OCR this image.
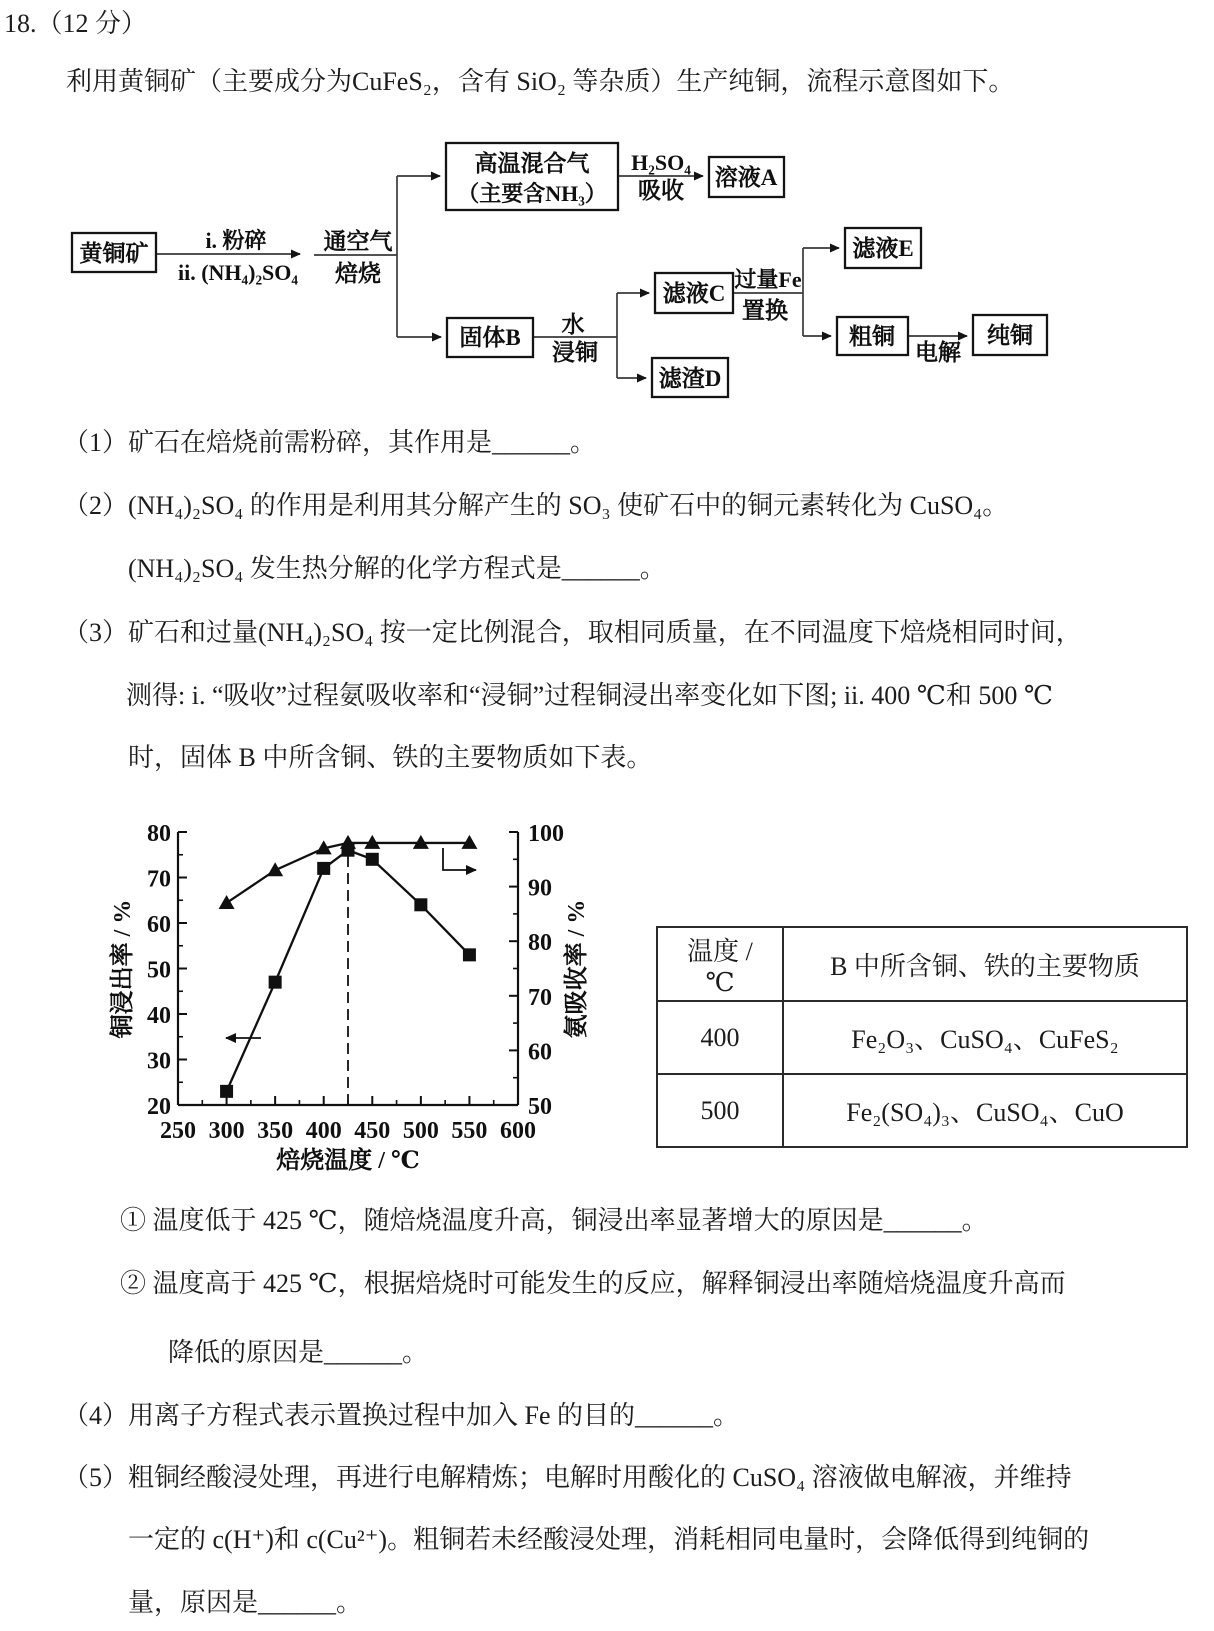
18.（12 分）
利用黄铜矿（主要成分为CuFeS₂，含有 SiO₂ 等杂质）生产纯铜，流程示意图如下。
i. 粉碎
ii. (NH₄)₂SO₄
通空气
焙烧
H₂SO₄
吸收
水
浸铜
过量Fe
置换
电解
黄铜矿
高温混合气
（主要含NH₃）
溶液A
固体B
滤液C
滤渣D
滤液E
粗铜	纯铜
（1）矿石在焙烧前需粉碎，其作用是______。
（2）(NH₄)₂SO₄ 的作用是利用其分解产生的 SO₃ 使矿石中的铜元素转化为 CuSO₄。
(NH₄)₂SO₄ 发生热分解的化学方程式是______。
（3）矿石和过量(NH₄)₂SO₄ 按一定比例混合，取相同质量，在不同温度下焙烧相同时间，
测得: i. “吸收”过程氨吸收率和“浸铜”过程铜浸出率变化如下图; ii. 400 ℃和 500 ℃
时，固体 B 中所含铜、铁的主要物质如下表。
250 300 350 400 450 500 550 600
20
30
40
50
60
70
80
50
60
70
80
90
100
铜浸出率 / %	氨吸收率 / %
焙烧温度 / ℃
温度 / ℃	B 中所含铜、铁的主要物质
400	Fe₂O₃、CuSO₄、CuFeS₂
500	Fe₂(SO₄)₃、CuSO₄、CuO
① 温度低于 425 ℃，随焙烧温度升高，铜浸出率显著增大的原因是______。
② 温度高于 425 ℃，根据焙烧时可能发生的反应，解释铜浸出率随焙烧温度升高而
降低的原因是______。
（4）用离子方程式表示置换过程中加入 Fe 的目的______。
（5）粗铜经酸浸处理，再进行电解精炼；电解时用酸化的 CuSO₄ 溶液做电解液，并维持
一定的 c(H⁺)和 c(Cu²⁺)。粗铜若未经酸浸处理，消耗相同电量时，会降低得到纯铜的
量，原因是______。
